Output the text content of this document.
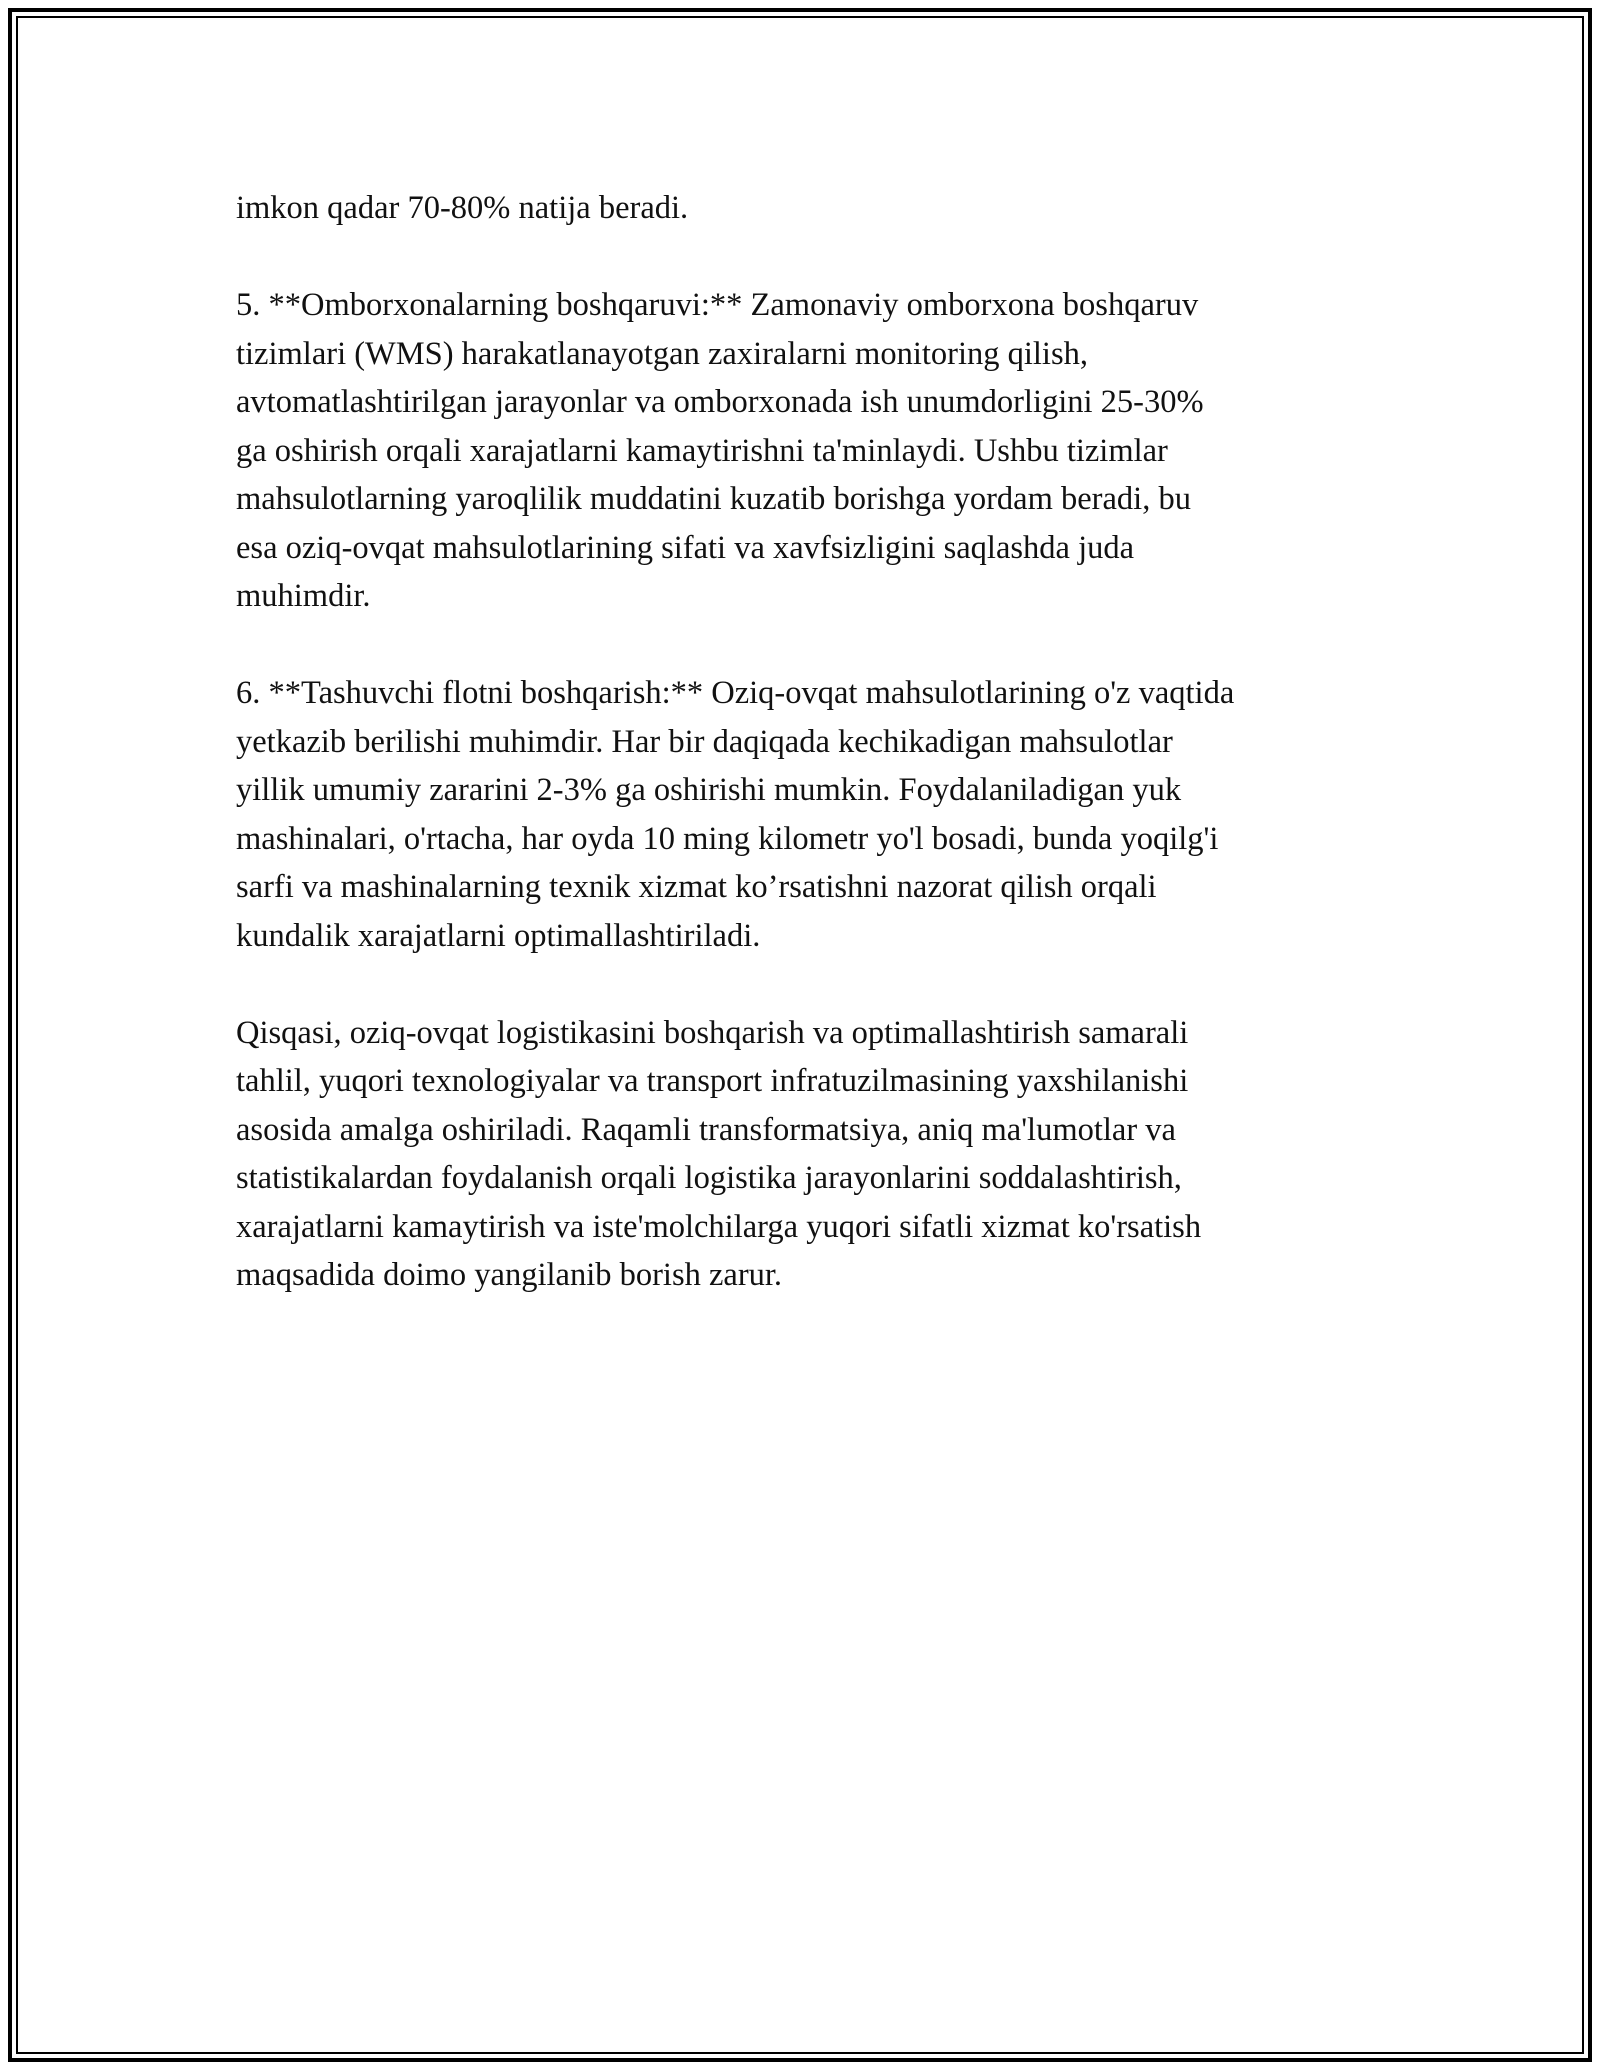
imkon qadar 70-80% natija beradi.

5. **Omborxonalarning boshqaruvi:** Zamonaviy omborxona boshqaruv
tizimlari (WMS) harakatlanayotgan zaxiralarni monitoring qilish,
avtomatlashtirilgan jarayonlar va omborxonada ish unumdorligini 25-30%
ga oshirish orqali xarajatlarni kamaytirishni ta'minlaydi. Ushbu tizimlar
mahsulotlarning yaroqlilik muddatini kuzatib borishga yordam beradi, bu
esa oziq-ovqat mahsulotlarining sifati va xavfsizligini saqlashda juda
muhimdir.

6. **Tashuvchi flotni boshqarish:** Oziq-ovqat mahsulotlarining o'z vaqtida
yetkazib berilishi muhimdir. Har bir daqiqada kechikadigan mahsulotlar
yillik umumiy zararini 2-3% ga oshirishi mumkin. Foydalaniladigan yuk
mashinalari, o'rtacha, har oyda 10 ming kilometr yo'l bosadi, bunda yoqilg'i
sarfi va mashinalarning texnik xizmat ko’rsatishni nazorat qilish orqali
kundalik xarajatlarni optimallashtiriladi.

Qisqasi, oziq-ovqat logistikasini boshqarish va optimallashtirish samarali
tahlil, yuqori texnologiyalar va transport infratuzilmasining yaxshilanishi
asosida amalga oshiriladi. Raqamli transformatsiya, aniq ma'lumotlar va
statistikalardan foydalanish orqali logistika jarayonlarini soddalashtirish,
xarajatlarni kamaytirish va iste'molchilarga yuqori sifatli xizmat ko'rsatish
maqsadida doimo yangilanib borish zarur.
